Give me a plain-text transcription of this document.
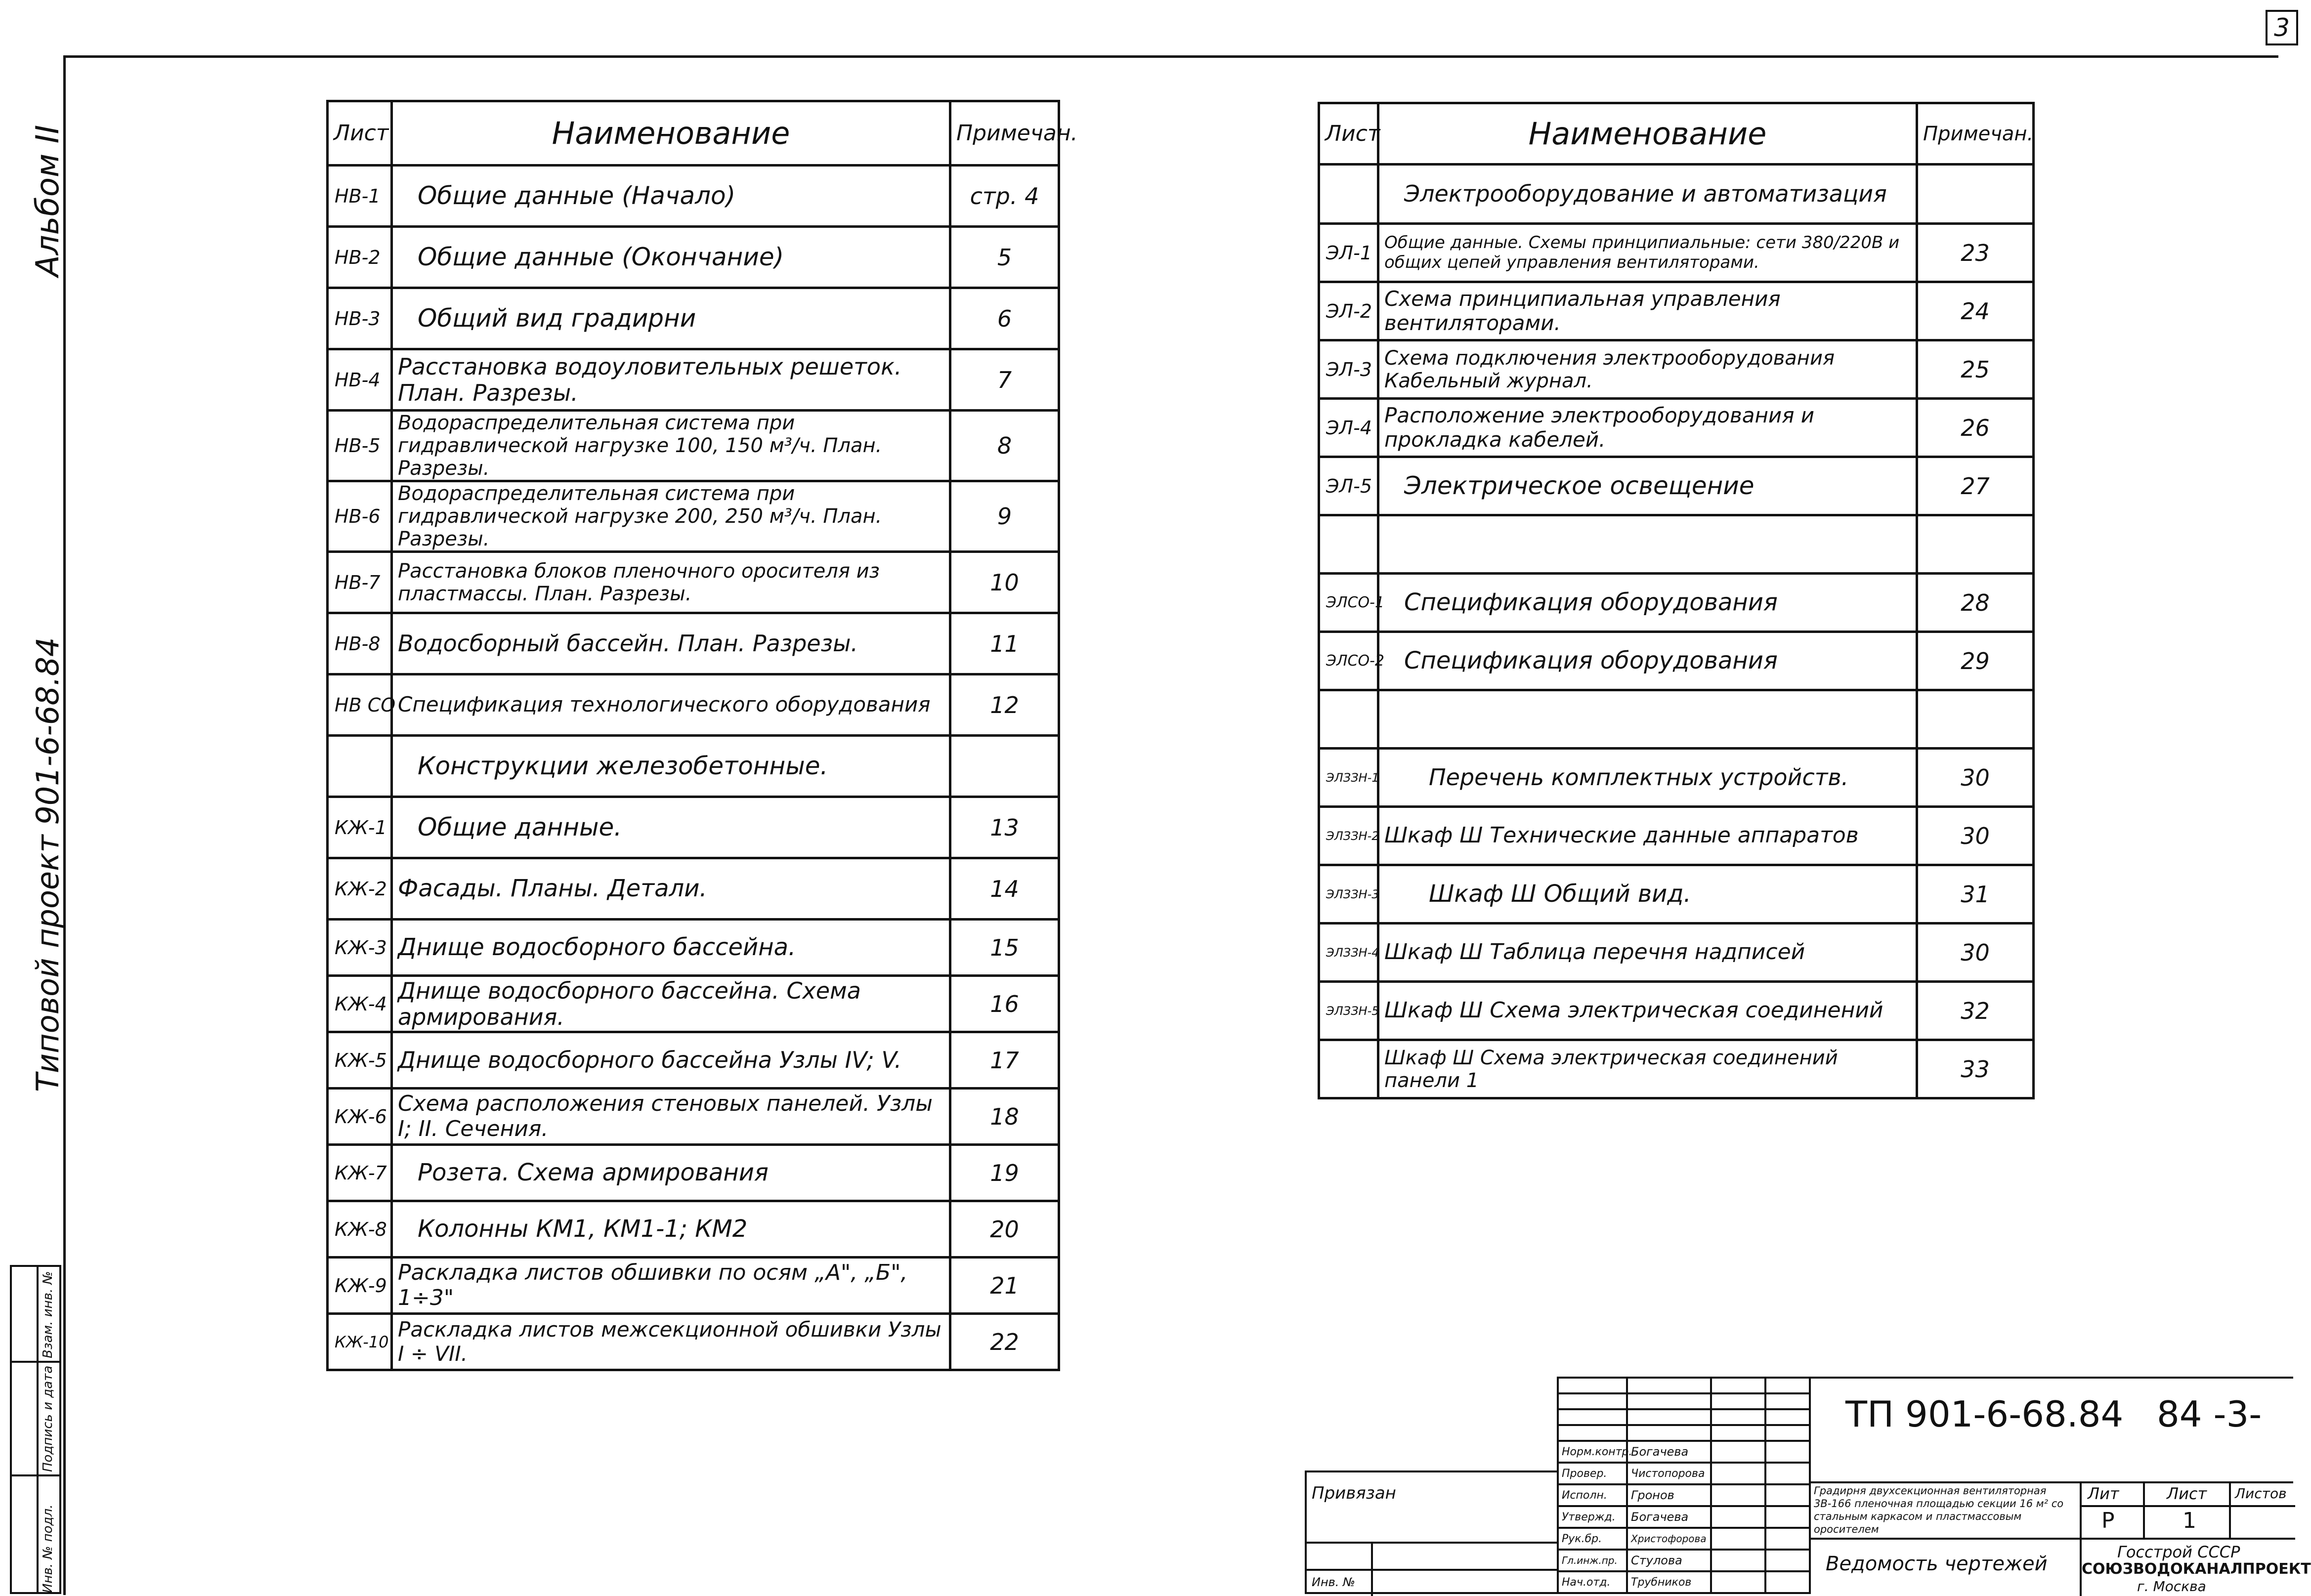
3
Альбом II
Типовой проект 901-6-68.84
Инв. № подл.
Подпись и дата
Взам. инв. №
Лист	Наименование	Примечан.
НВ-1	Общие данные (Начало)	стр. 4
НВ-2	Общие данные (Окончание)	5
НВ-3	Общий вид градирни	6
НВ-4	Расстановка водоуловительных решеток. План. Разрезы.	7
НВ-5	Водораспределительная система при гидравлической нагрузке 100, 150 м³/ч. План. Разрезы.	8
НВ-6	Водораспределительная система при гидравлической нагрузке 200, 250 м³/ч. План. Разрезы.	9
НВ-7	Расстановка блоков пленочного оросителя из пластмассы. План. Разрезы.	10
НВ-8	Водосборный бассейн. План. Разрезы.	11
НВ СО	Спецификация технологического оборудования	12
	Конструкции железобетонные.	
КЖ-1	Общие данные.	13
КЖ-2	Фасады. Планы. Детали.	14
КЖ-3	Днище водосборного бассейна.	15
КЖ-4	Днище водосборного бассейна. Схема армирования.	16
КЖ-5	Днище водосборного бассейна Узлы IV; V.	17
КЖ-6	Схема расположения стеновых панелей. Узлы I; II. Сечения.	18
КЖ-7	Розета. Схема армирования	19
КЖ-8	Колонны КМ1, КМ1-1; КМ2	20
КЖ-9	Раскладка листов обшивки по осям „А", „Б", 1÷3"	21
КЖ-10	Раскладка листов межсекционной обшивки Узлы I ÷ VII.	22
Лист	Наименование	Примечан.
	Электрооборудование и автоматизация	
ЭЛ-1	Общие данные. Схемы принципиальные: сети 380/220В и общих цепей управления вентиляторами.	23
ЭЛ-2	Схема принципиальная управления вентиляторами.	24
ЭЛ-3	Схема подключения электрооборудования Кабельный журнал.	25
ЭЛ-4	Расположение электрооборудования и прокладка кабелей.	26
ЭЛ-5	Электрическое освещение	27

ЭЛСО-1	Спецификация оборудования	28
ЭЛСО-2	Спецификация оборудования	29

ЭЛЗЗН-1	Перечень комплектных устройств.	30
ЭЛЗЗН-2	Шкаф Ш Технические данные аппаратов	30
ЭЛЗЗН-3	Шкаф Ш Общий вид.	31
ЭЛЗЗН-4	Шкаф Ш Таблица перечня надписей	30
ЭЛЗЗН-5	Шкаф Ш Схема электрическая соединений	32
	Шкаф Ш Схема электрическая соединений панели 1	33

Норм.контр.	Богачева		
Провер.	Чистопорова		
Исполн.	Гронов		
Утвержд.	Богачева		
Рук.бр.	Христофорова		
Гл.инж.пр.	Стулова		
Нач.отд.	Трубников		
Привязан
Инв. №
ТП 901-6-68.84 84 -3-
Градирня двухсекционная вентиляторная 3В-166 пленочная площадью секции 16 м² со стальным каркасом и пластмассовым оросителем
Ведомость чертежей
Лит	Лист Листов
Р	1
Госстрой СССР
СОЮЗВОДОКАНАЛПРОЕКТ
г. Москва
